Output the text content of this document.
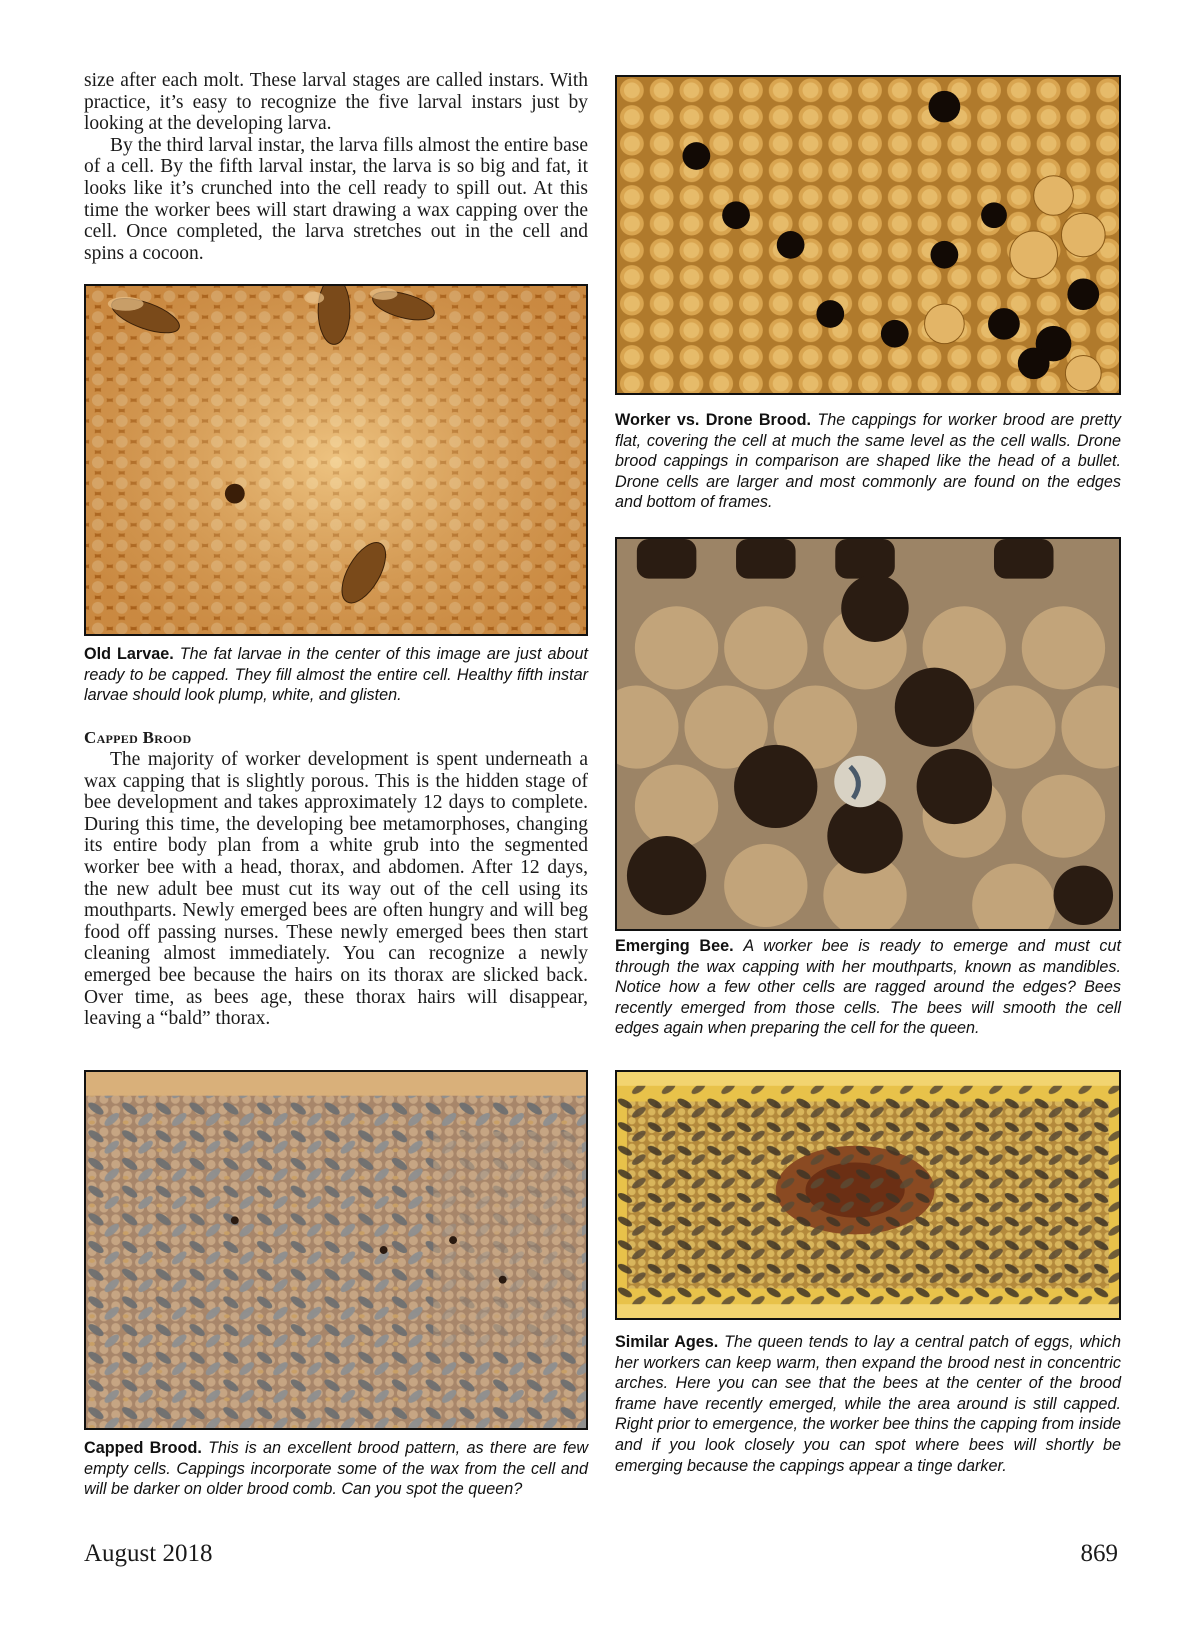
size after each molt. These larval stages are called instars. With practice, it’s easy to recognize the five larval instars just by looking at the developing larva.

By the third larval instar, the larva fills almost the entire base of a cell. By the fifth larval instar, the larva is so big and fat, it looks like it’s crunched into the cell ready to spill out. At this time the worker bees will start drawing a wax capping over the cell. Once completed, the larva stretches out in the cell and spins a cocoon.

Old Larvae. The fat larvae in the center of this image are just about ready to be capped. They fill almost the entire cell. Healthy fifth instar larvae should look plump, white, and glisten.

Capped Brood

The majority of worker development is spent underneath a wax capping that is slightly porous. This is the hidden stage of bee development and takes approximately 12 days to complete. During this time, the developing bee metamorphoses, changing its entire body plan from a white grub into the segmented worker bee with a head, thorax, and abdomen. After 12 days, the new adult bee must cut its way out of the cell using its mouthparts. Newly emerged bees are often hungry and will beg food off passing nurses. These newly emerged bees then start cleaning almost immediately. You can recognize a newly emerged bee because the hairs on its thorax are slicked back. Over time, as bees age, these thorax hairs will disappear, leaving a “bald” thorax.

Capped Brood. This is an excellent brood pattern, as there are few empty cells. Cappings incorporate some of the wax from the cell and will be darker on older brood comb. Can you spot the queen?

Worker vs. Drone Brood. The cappings for worker brood are pretty flat, covering the cell at much the same level as the cell walls. Drone brood cappings in comparison are shaped like the head of a bullet. Drone cells are larger and most commonly are found on the edges and bottom of frames.

Emerging Bee. A worker bee is ready to emerge and must cut through the wax capping with her mouthparts, known as mandibles. Notice how a few other cells are ragged around the edges? Bees recently emerged from those cells. The bees will smooth the cell edges again when preparing the cell for the queen.

Similar Ages. The queen tends to lay a central patch of eggs, which her workers can keep warm, then expand the brood nest in concentric arches. Here you can see that the bees at the center of the brood frame have recently emerged, while the area around is still capped. Right prior to emergence, the worker bee thins the capping from inside and if you look closely you can spot where bees will shortly be emerging because the cappings appear a tinge darker.

August 2018	869
